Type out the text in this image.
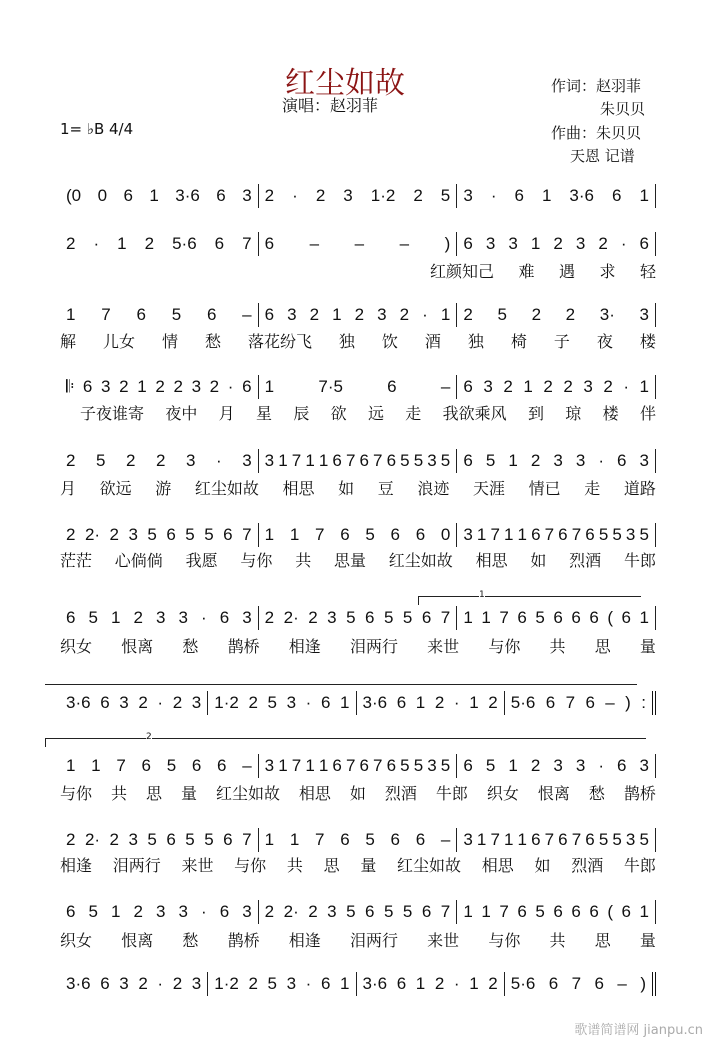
红尘如故
演唱：赵羽菲
1= ♭B 4/4
作词：赵羽菲
朱贝贝
作曲：朱贝贝
天恩 记谱
1
2
(0 0 6 1 3·6 6 3 2 · 2 3 1·2 2 5 3 · 6 1 3·6 6 1
2 · 1 2 5·6 6 7 6 – – – ) 6 3 3 1 2 3 2 · 6
红颜知己 难 遇 求 轻
1 7 6 5 6 – 6 3 2 1 2 3 2 · 1 2 5 2 2 3· 3
解 儿女 情 愁 落花纷飞 独 饮 酒 独 椅 子 夜 楼
𝄆 6 3 2 1 2 2 3 2 · 6 1	7·5	6	– 6 3 2 1 2 2 3 2 · 1
子夜谁寄 夜中 月 星 辰 欲 远 走 我欲乘风 到 琼 楼 伴
2 5 2 2 3 · 3 3 1 7 1 1 6 7 6 7 6 5 5 3 5 6 5 1 2 3 3 · 6 3
月 欲远 游 红尘如故 相思 如 豆 浪迹 天涯 情已 走 道路
2 2· 2 3 5 6 5 5 6 7 1 1 7 6 5 6 6 0 3 1 7 1 1 6 7 6 7 6 5 5 3 5
茫茫 心倘倘 我愿 与你 共 思量 红尘如故 相思 如 烈酒 牛郎
6 5 1 2 3 3 · 6 3 2 2· 2 3 5 6 5 5 6 7 1 1 7 6 5 6 6 6 ( 6 1
织女 恨离 愁 鹊桥 相逢 泪两行 来世 与你 共 思 量
3·6 6 3 2 · 2 3 1·2 2 5 3 · 6 1 3·6 6 1 2 · 1 2 5·6 6 7 6 – ) :
1 1 7 6 5 6 6 – 3 1 7 1 1 6 7 6 7 6 5 5 3 5 6 5 1 2 3 3 · 6 3
与你 共 思 量 红尘如故 相思 如 烈酒 牛郎 织女 恨离 愁 鹊桥
2 2· 2 3 5 6 5 5 6 7 1 1 7 6 5 6 6 – 3 1 7 1 1 6 7 6 7 6 5 5 3 5
相逢 泪两行 来世 与你 共 思 量 红尘如故 相思 如 烈酒 牛郎
6 5 1 2 3 3 · 6 3 2 2· 2 3 5 6 5 5 6 7 1 1 7 6 5 6 6 6 ( 6 1
织女 恨离 愁 鹊桥 相逢 泪两行 来世 与你 共 思 量
3·6 6 3 2 · 2 3 1·2 2 5 3 · 6 1 3·6 6 1 2 · 1 2 5·6 6 7 6 – )
歌谱简谱网 jianpu.cn
